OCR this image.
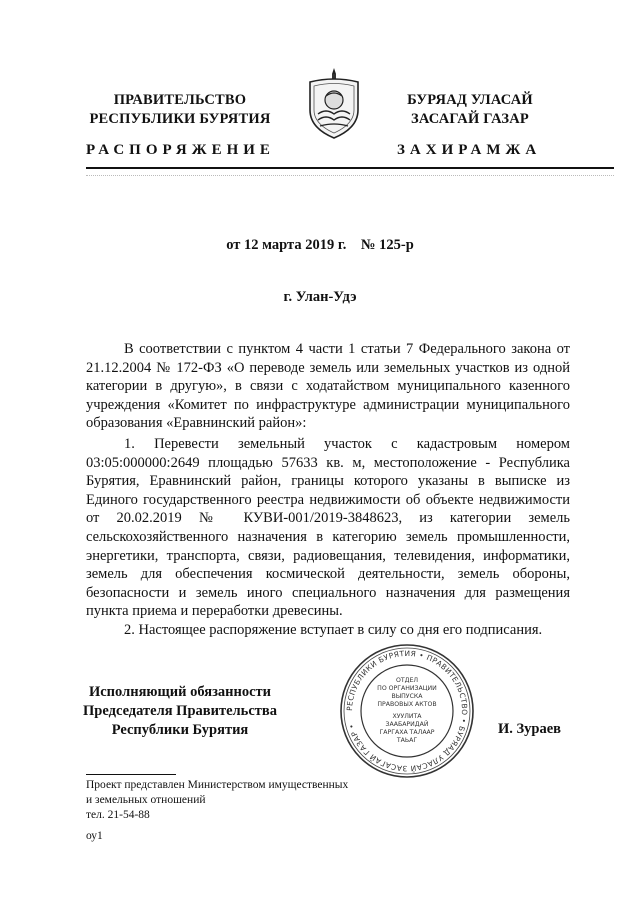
ПРАВИТЕЛЬСТВО
РЕСПУБЛИКИ БУРЯТИЯ
БУРЯАД УЛАСАЙ
ЗАСАГАЙ ГАЗАР
РАСПОРЯЖЕНИЕ	ЗАХИРАМЖА
от 12 марта 2019 г.    № 125-р
г. Улан-Удэ
В соответствии с пунктом 4 части 1 статьи 7 Федерального закона от 21.12.2004 № 172-ФЗ «О переводе земель или земельных участков из одной категории в другую», в связи с ходатайством муниципального казенного учреждения «Комитет по инфраструктуре администрации муниципального образования «Еравнинский район»:
1. Перевести земельный участок с кадастровым номером 03:05:000000:2649 площадью 57633 кв. м, местоположение - Республика Бурятия, Еравнинский район, границы которого указаны в выписке из Единого государственного реестра недвижимости об объекте недвижимости от 20.02.2019 № КУВИ-001/2019-3848623, из категории земель сельскохозяйственного назначения в категорию земель промышленности, энергетики, транспорта, связи, радиовещания, телевидения, информатики, земель для обеспечения космической деятельности, земель обороны, безопасности и земель иного специального назначения для размещения пункта приема и переработки древесины.
2. Настоящее распоряжение вступает в силу со дня его подписания.
Исполняющий обязанности
Председателя Правительства
Республики Бурятия	И. Зураев
РЕСПУБЛИКИ БУРЯТИЯ • ПРАВИТЕЛЬСТВО • БУРЯАД УЛАСАЙ ЗАСАГАЙ ГАЗАР •
ОТДЕЛ
ПО ОРГАНИЗАЦИИ
ВЫПУСКА
ПРАВОВЫХ АКТОВ
ХУУЛИТА
ЗААБАРИДАЙ
ГАРГАХА ТАЛААР
ТАЬАГ
Проект представлен Министерством имущественных
и земельных отношений
тел. 21-54-88
оу1
